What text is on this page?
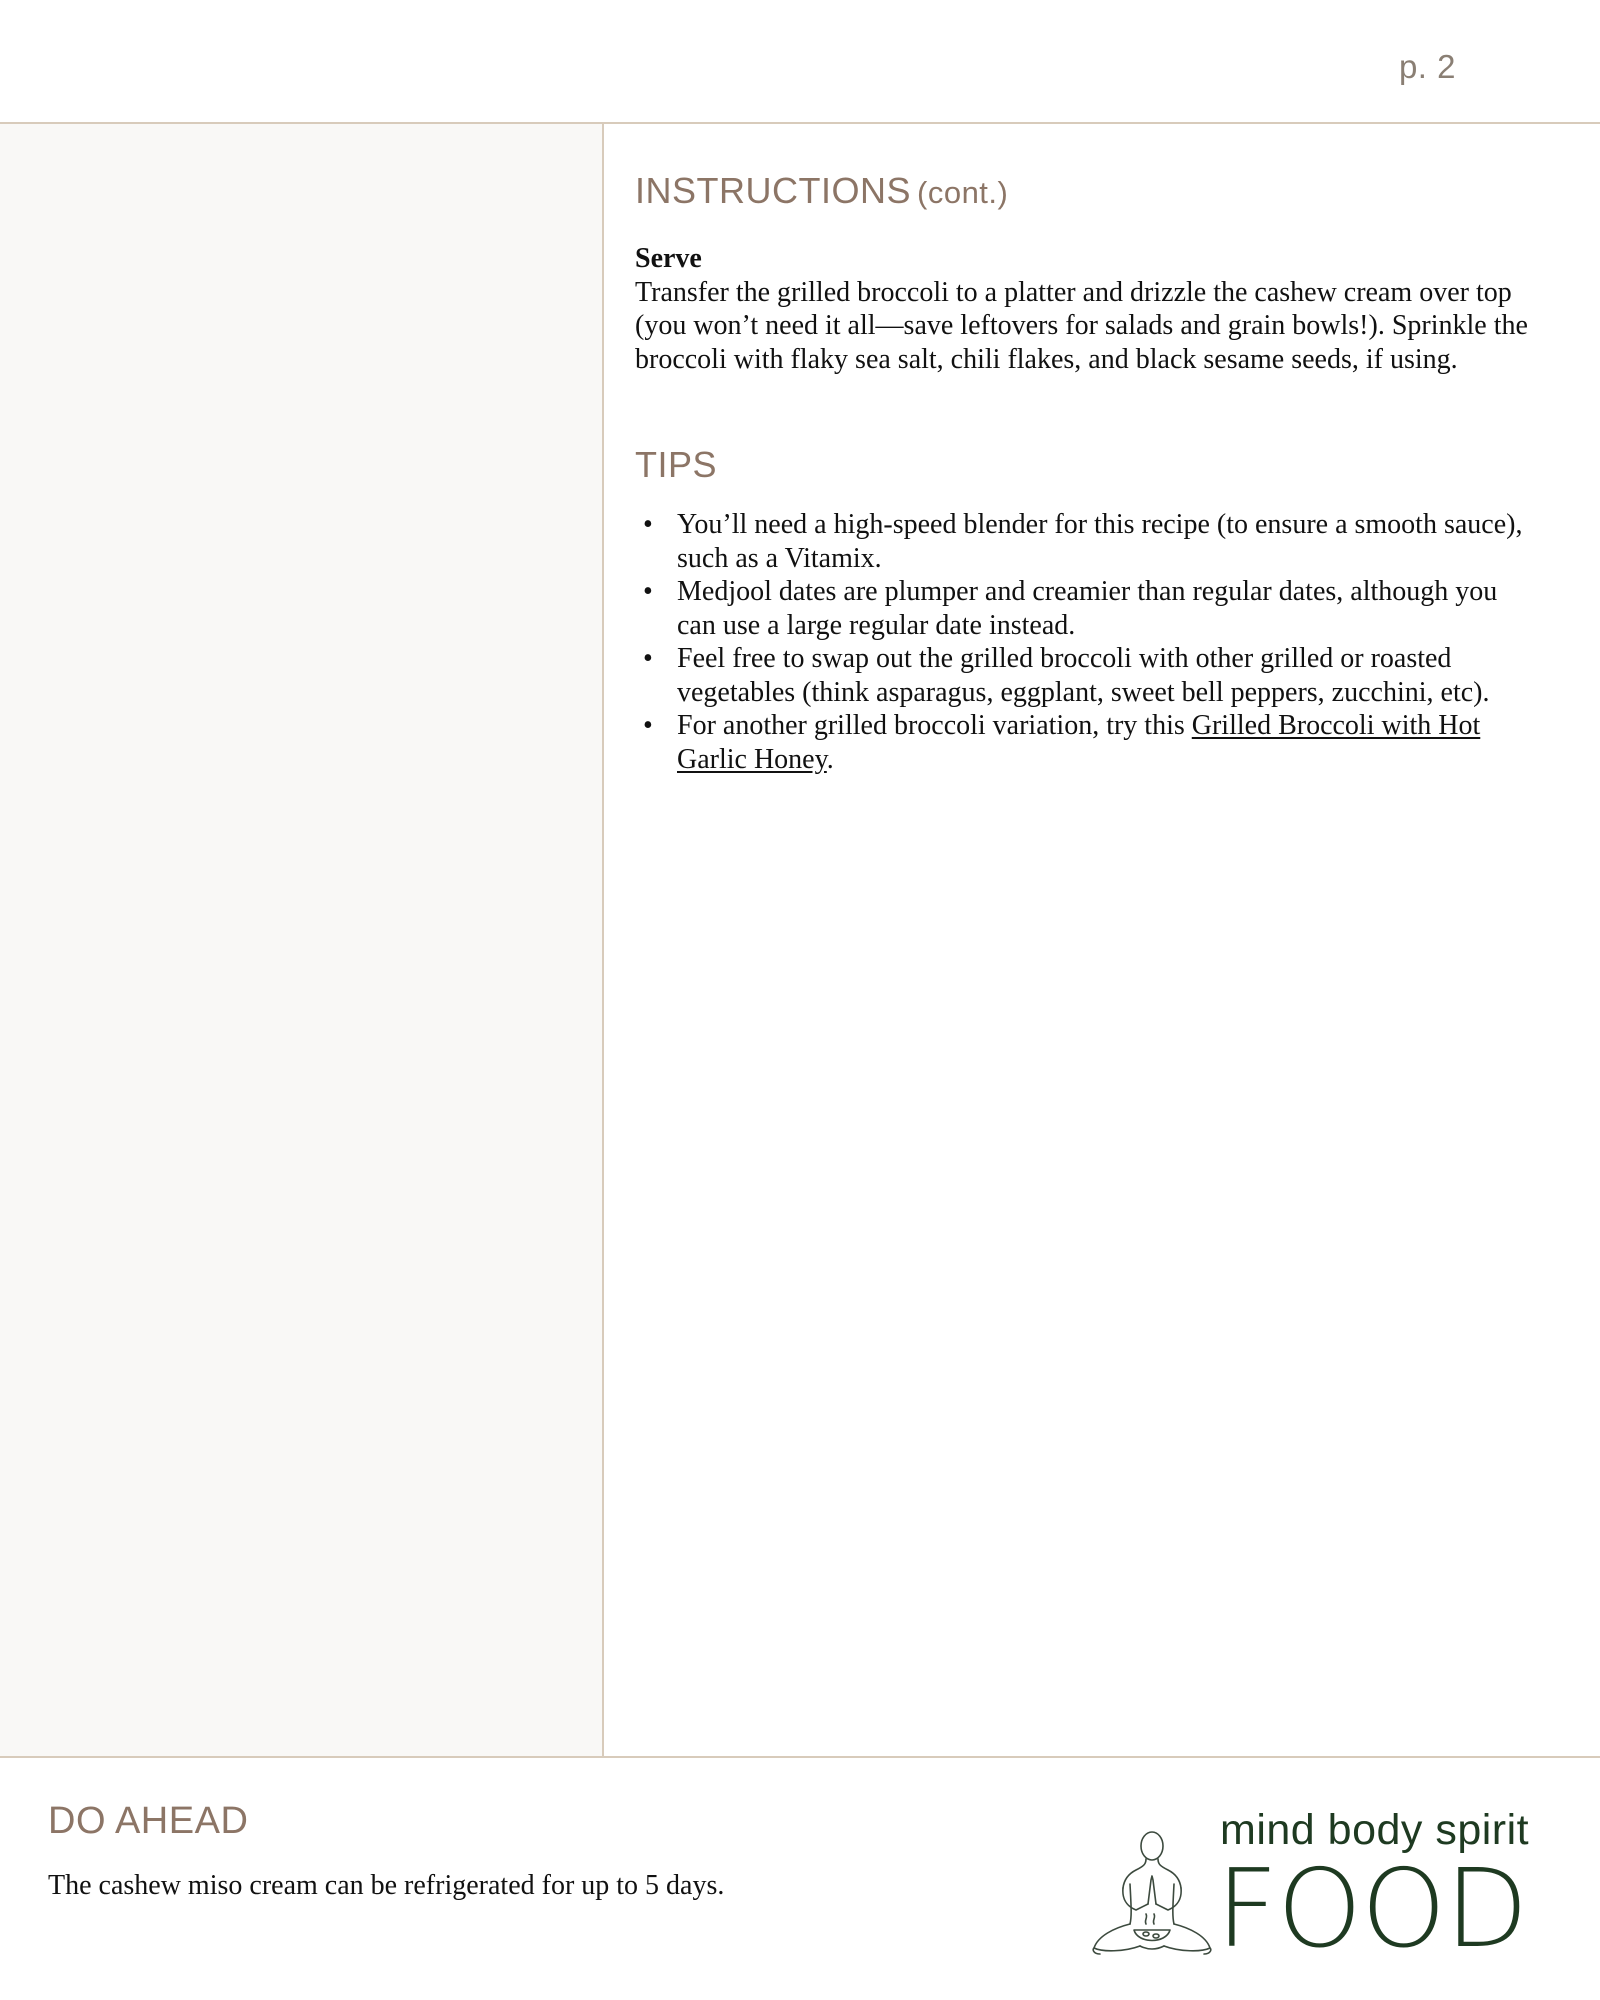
p. 2
INSTRUCTIONS (cont.)
Serve
Transfer the grilled broccoli to a platter and drizzle the cashew cream over top (you won’t need it all—save leftovers for salads and grain bowls!). Sprinkle the broccoli with flaky sea salt, chili flakes, and black sesame seeds, if using.
TIPS
• You’ll need a high-speed blender for this recipe (to ensure a smooth sauce), such as a Vitamix.
• Medjool dates are plumper and creamier than regular dates, although you can use a large regular date instead.
• Feel free to swap out the grilled broccoli with other grilled or roasted vegetables (think asparagus, eggplant, sweet bell peppers, zucchini, etc).
• For another grilled broccoli variation, try this Grilled Broccoli with Hot Garlic Honey.
DO AHEAD
The cashew miso cream can be refrigerated for up to 5 days.
mind body spirit
FOOD
